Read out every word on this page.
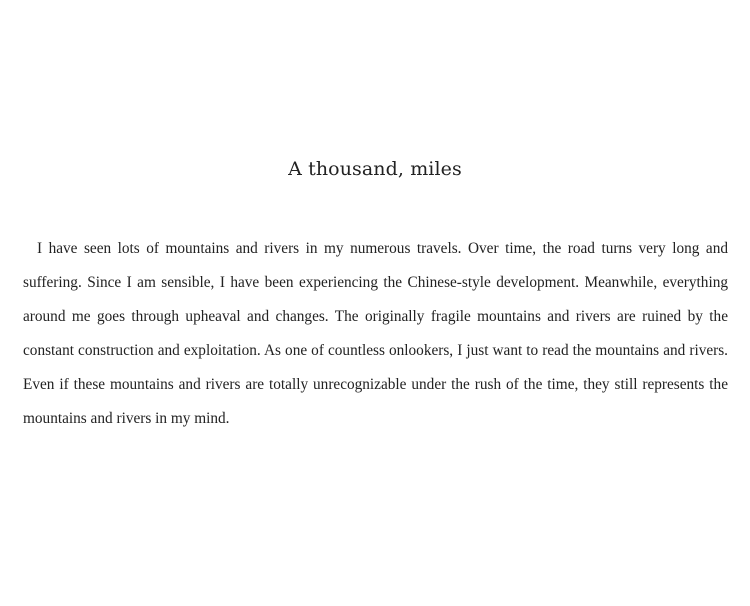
A thousand, miles

I have seen lots of mountains and rivers in my numerous travels. Over time, the road turns very long and suffering. Since I am sensible, I have been experiencing the Chinese-style development. Meanwhile, everything around me goes through upheaval and changes. The originally fragile mountains and rivers are ruined by the constant construction and exploitation. As one of countless onlookers, I just want to read the mountains and rivers. Even if these mountains and rivers are totally unrecognizable under the rush of the time, they still represents the mountains and rivers in my mind.
